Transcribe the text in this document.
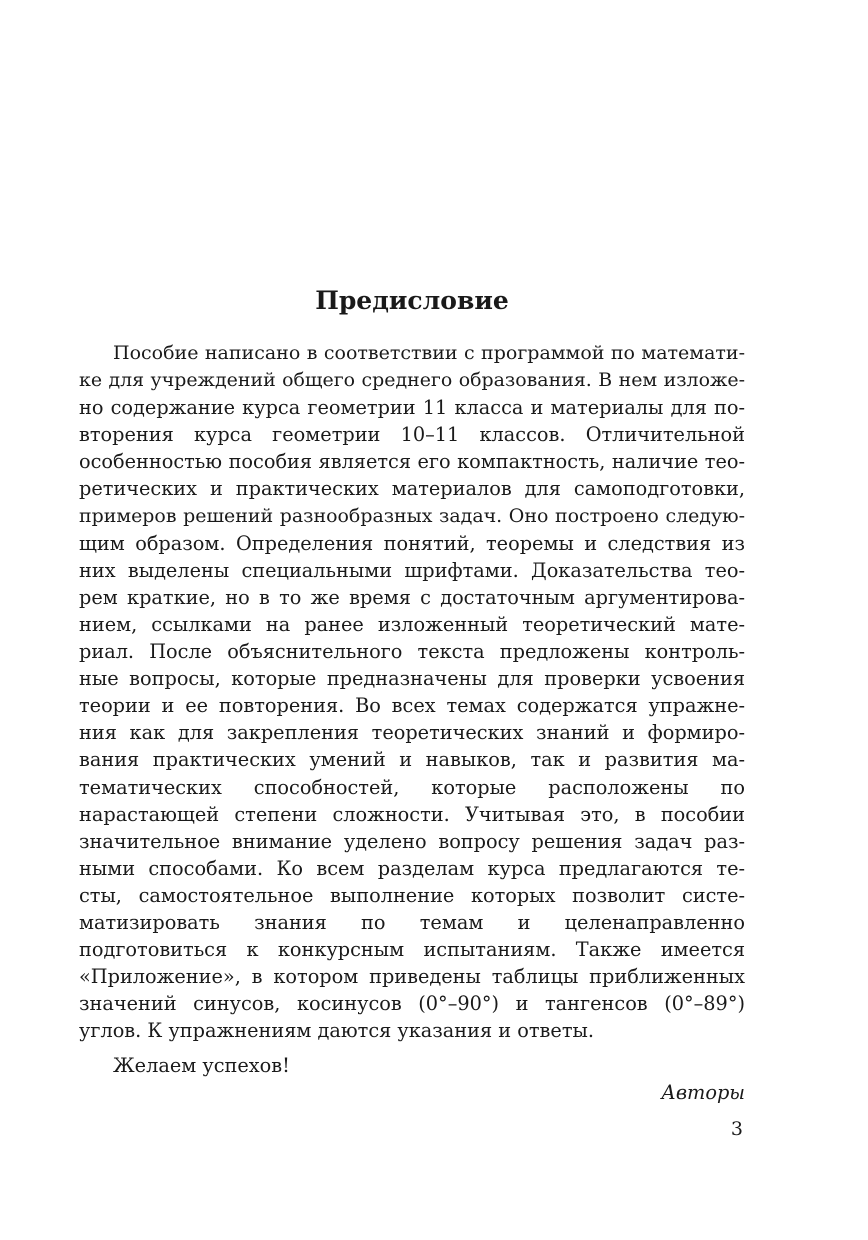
Предисловие
Пособие написано в соответствии с программой по математи-
ке для учреждений общего среднего образования. В нем изложе-
но содержание курса геометрии 11 класса и материалы для по-
вторения курса геометрии 10–11 классов. Отличительной
особенностью пособия является его компактность, наличие тео-
ретических и практических материалов для самоподготовки,
примеров решений разнообразных задач. Оно построено следую-
щим образом. Определения понятий, теоремы и следствия из
них выделены специальными шрифтами. Доказательства тео-
рем краткие, но в то же время с достаточным аргументирова-
нием, ссылками на ранее изложенный теоретический мате-
риал. После объяснительного текста предложены контроль-
ные вопросы, которые предназначены для проверки усвоения
теории и ее повторения. Во всех темах содержатся упражне-
ния как для закрепления теоретических знаний и формиро-
вания практических умений и навыков, так и развития ма-
тематических способностей, которые расположены по
нарастающей степени сложности. Учитывая это, в пособии
значительное внимание уделено вопросу решения задач раз-
ными способами. Ко всем разделам курса предлагаются те-
сты, самостоятельное выполнение которых позволит систе-
матизировать знания по темам и целенаправленно
подготовиться к конкурсным испытаниям. Также имеется
«Приложение», в котором приведены таблицы приближенных
значений синусов, косинусов (0°–90°) и тангенсов (0°–89°)
углов. К упражнениям даются указания и ответы.

Желаем успехов!

Авторы

3
